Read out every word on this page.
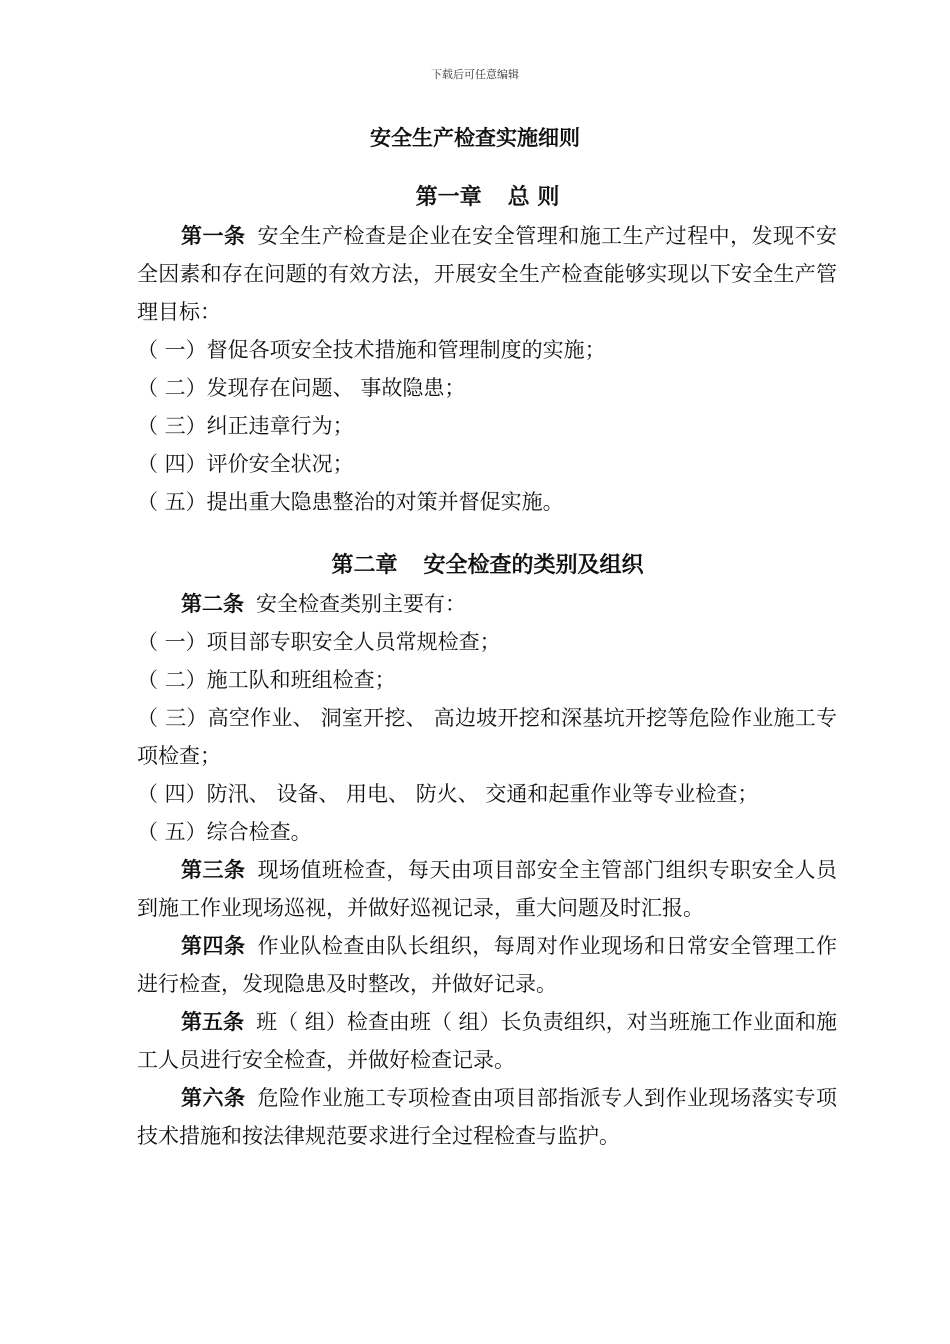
下载后可任意编辑
安全生产检查实施细则
第一章 总 则

第一条 安全生产检查是企业在安全管理和施工生产过程中，发现不安全因素和存在问题的有效方法，开展安全生产检查能够实现以下安全生产管理目标：

（ 一）督促各项安全技术措施和管理制度的实施；

（ 二）发现存在问题、 事故隐患；

（ 三）纠正违章行为；

（ 四）评价安全状况；

（ 五）提出重大隐患整治的对策并督促实施。

第二章 安全检查的类别及组织

第二条 安全检查类别主要有：

（ 一）项目部专职安全人员常规检查；

（ 二）施工队和班组检查；

（ 三）高空作业、 洞室开挖、 高边坡开挖和深基坑开挖等危险作业施工专项检查；

（ 四）防汛、 设备、 用电、 防火、 交通和起重作业等专业检查；

（ 五）综合检查。

第三条 现场值班检查，每天由项目部安全主管部门组织专职安全人员到施工作业现场巡视，并做好巡视记录，重大问题及时汇报。

第四条 作业队检查由队长组织，每周对作业现场和日常安全管理工作进行检查，发现隐患及时整改，并做好记录。

第五条 班（ 组）检查由班（ 组）长负责组织，对当班施工作业面和施工人员进行安全检查，并做好检查记录。

第六条 危险作业施工专项检查由项目部指派专人到作业现场落实专项技术措施和按法律规范要求进行全过程检查与监护。
